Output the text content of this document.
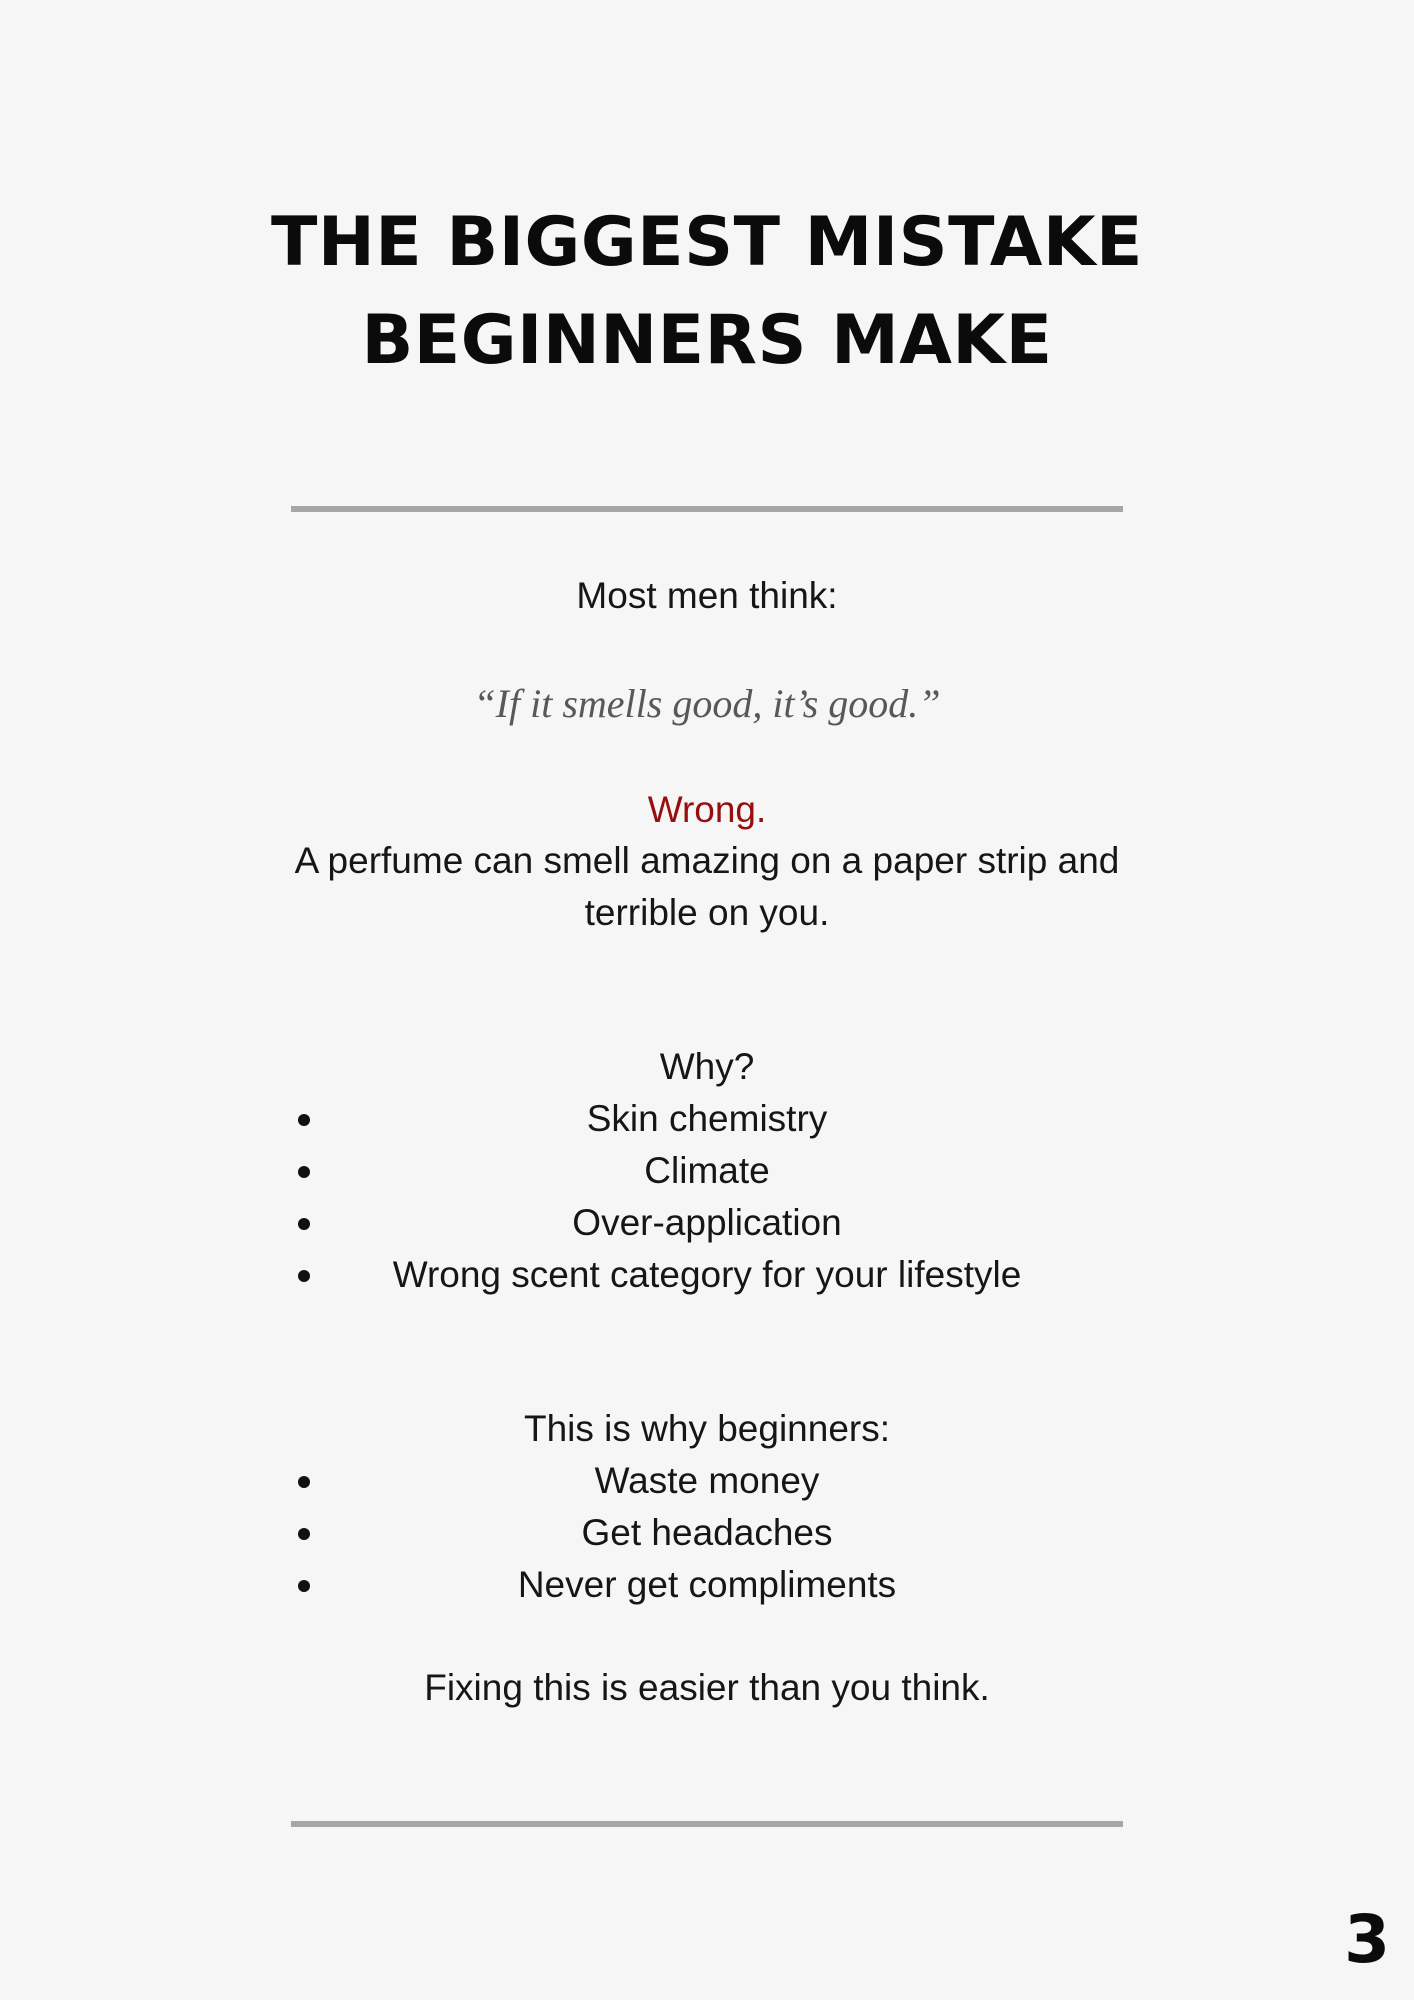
THE BIGGEST MISTAKE
BEGINNERS MAKE
Most men think:
“If it smells good, it’s good.”
Wrong.
A perfume can smell amazing on a paper strip and
terrible on you.
Why?
Skin chemistry
Climate
Over-application
Wrong scent category for your lifestyle
This is why beginners:
Waste money
Get headaches
Never get compliments
Fixing this is easier than you think.
3
